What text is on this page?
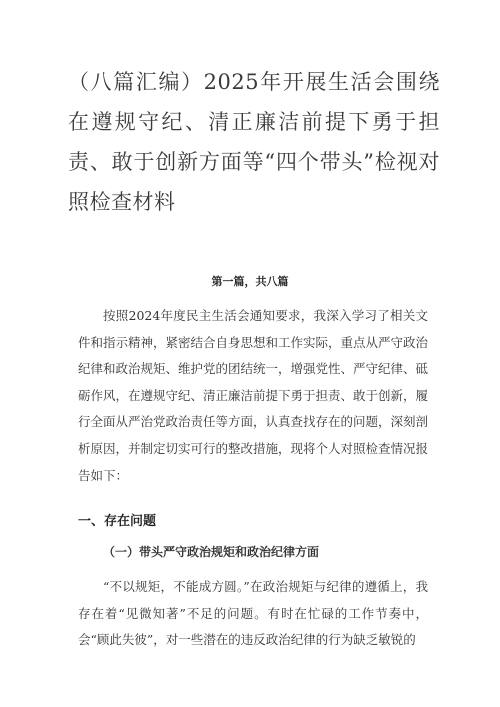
（八篇汇编）2025年开展生活会围绕在遵规守纪、清正廉洁前提下勇于担责、敢于创新方面等“四个带头”检视对照检查材料
第一篇，共八篇

按照2024年度民主生活会通知要求，我深入学习了相关文件和指示精神，紧密结合自身思想和工作实际，重点从严守政治纪律和政治规矩、维护党的团结统一，增强党性、严守纪律、砥砺作风，在遵规守纪、清正廉洁前提下勇于担责、敢于创新，履行全面从严治党政治责任等方面，认真查找存在的问题，深刻剖析原因，并制定切实可行的整改措施，现将个人对照检查情况报告如下：

一、存在问题
（一）带头严守政治规矩和政治纪律方面

“不以规矩，不能成方圆。”在政治规矩与纪律的遵循上，我存在着“见微知著”不足的问题。有时在忙碌的工作节奏中，会“顾此失彼”，对一些潜在的违反政治纪律的行为缺乏敏锐的
